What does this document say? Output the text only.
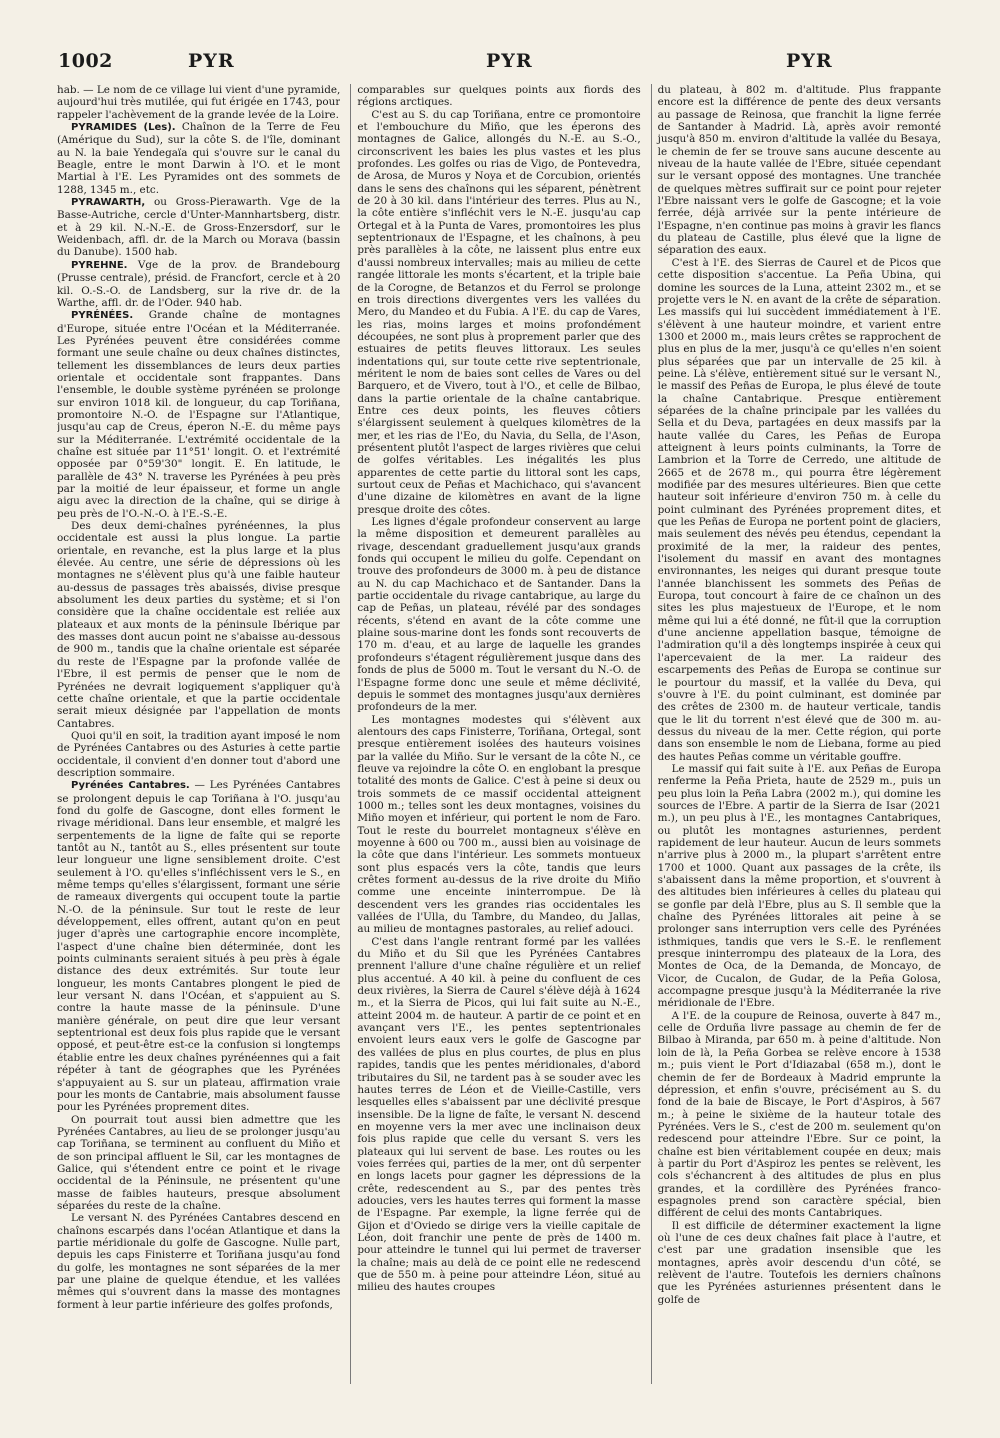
1002	PYR	PYR	PYR

hab. — Le nom de ce village lui vient d'une pyramide, aujourd'hui très mutilée, qui fut érigée en 1743, pour rappeler l'achèvement de la grande levée de la Loire.

PYRAMIDES (Les). Chaînon de la Terre de Feu (Amérique du Sud), sur la côte S. de l'île, dominant au N. la baie Yendegaïa qui s'ouvre sur le canal du Beagle, entre le mont Darwin à l'O. et le mont Martial à l'E. Les Pyramides ont des sommets de 1288, 1345 m., etc.

PYRAWARTH, ou Gross-Pierawarth. Vge de la Basse-Autriche, cercle d'Unter-Mannhartsberg, distr. et à 29 kil. N.-N.-E. de Gross-Enzersdorf, sur le Weidenbach, affl. dr. de la March ou Morava (bassin du Danube). 1500 hab.

PYREHNE. Vge de la prov. de Brandebourg (Prusse centrale), présid. de Francfort, cercle et à 20 kil. O.-S.-O. de Landsberg, sur la rive dr. de la Warthe, affl. dr. de l'Oder. 940 hab.

PYRÉNÉES. Grande chaîne de montagnes d'Europe, située entre l'Océan et la Méditerranée. Les Pyrénées peuvent être considérées comme formant une seule chaîne ou deux chaînes distinctes, tellement les dissemblances de leurs deux parties orientale et occidentale sont frappantes. Dans l'ensemble, le double système pyrénéen se prolonge sur environ 1018 kil. de longueur, du cap Toriñana, promontoire N.-O. de l'Espagne sur l'Atlantique, jusqu'au cap de Creus, éperon N.-E. du même pays sur la Méditerranée. L'extrémité occidentale de la chaîne est située par 11°51' longit. O. et l'extrémité opposée par 0°59'30" longit. E. En latitude, le parallèle de 43° N. traverse les Pyrénées à peu près par la moitié de leur épaisseur, et forme un angle aigu avec la direction de la chaîne, qui se dirige à peu près de l'O.-N.-O. à l'E.-S.-E.

Des deux demi-chaînes pyrénéennes, la plus occidentale est aussi la plus longue. La partie orientale, en revanche, est la plus large et la plus élevée. Au centre, une série de dépressions où les montagnes ne s'élèvent plus qu'à une faible hauteur au-dessus de passages très abaissés, divise presque absolument les deux parties du système; et si l'on considère que la chaîne occidentale est reliée aux plateaux et aux monts de la péninsule Ibérique par des masses dont aucun point ne s'abaisse au-dessous de 900 m., tandis que la chaîne orientale est séparée du reste de l'Espagne par la profonde vallée de l'Ebre, il est permis de penser que le nom de Pyrénées ne devrait logiquement s'appliquer qu'à cette chaîne orientale, et que la partie occidentale serait mieux désignée par l'appellation de monts Cantabres.

Quoi qu'il en soit, la tradition ayant imposé le nom de Pyrénées Cantabres ou des Asturies à cette partie occidentale, il convient d'en donner tout d'abord une description sommaire.

Pyrénées Cantabres. — Les Pyrénées Cantabres se prolongent depuis le cap Toriñana à l'O. jusqu'au fond du golfe de Gascogne, dont elles forment le rivage méridional. Dans leur ensemble, et malgré les serpentements de la ligne de faîte qui se reporte tantôt au N., tantôt au S., elles présentent sur toute leur longueur une ligne sensiblement droite. C'est seulement à l'O. qu'elles s'infléchissent vers le S., en même temps qu'elles s'élargissent, formant une série de rameaux divergents qui occupent toute la partie N.-O. de la péninsule. Sur tout le reste de leur développement, elles offrent, autant qu'on en peut juger d'après une cartographie encore incomplète, l'aspect d'une chaîne bien déterminée, dont les points culminants seraient situés à peu près à égale distance des deux extrémités. Sur toute leur longueur, les monts Cantabres plongent le pied de leur versant N. dans l'Océan, et s'appuient au S. contre la haute masse de la péninsule. D'une manière générale, on peut dire que leur versant septentrional est deux fois plus rapide que le versant opposé, et peut-être est-ce la confusion si longtemps établie entre les deux chaînes pyrénéennes qui a fait répéter à tant de géographes que les Pyrénées s'appuyaient au S. sur un plateau, affirmation vraie pour les monts de Cantabrie, mais absolument fausse pour les Pyrénées proprement dites.

On pourrait tout aussi bien admettre que les Pyrénées Cantabres, au lieu de se prolonger jusqu'au cap Toriñana, se terminent au confluent du Miño et de son principal affluent le Sil, car les montagnes de Galice, qui s'étendent entre ce point et le rivage occidental de la Péninsule, ne présentent qu'une masse de faibles hauteurs, presque absolument séparées du reste de la chaîne.

Le versant N. des Pyrénées Cantabres descend en chaînons escarpés dans l'océan Atlantique et dans la partie méridionale du golfe de Gascogne. Nulle part, depuis les caps Finisterre et Toriñana jusqu'au fond du golfe, les montagnes ne sont séparées de la mer par une plaine de quelque étendue, et les vallées mêmes qui s'ouvrent dans la masse des montagnes forment à leur partie inférieure des golfes profonds,

comparables sur quelques points aux fiords des régions arctiques.

C'est au S. du cap Toriñana, entre ce promontoire et l'embouchure du Miño, que les éperons des montagnes de Galice, allongés du N.-E. au S.-O., circonscrivent les baies les plus vastes et les plus profondes. Les golfes ou rias de Vigo, de Pontevedra, de Arosa, de Muros y Noya et de Corcubion, orientés dans le sens des chaînons qui les séparent, pénètrent de 20 à 30 kil. dans l'intérieur des terres. Plus au N., la côte entière s'infléchit vers le N.-E. jusqu'au cap Ortegal et à la Punta de Vares, promontoires les plus septentrionaux de l'Espagne, et les chaînons, à peu près parallèles à la côte, ne laissent plus entre eux d'aussi nombreux intervalles; mais au milieu de cette rangée littorale les monts s'écartent, et la triple baie de la Corogne, de Betanzos et du Ferrol se prolonge en trois directions divergentes vers les vallées du Mero, du Mandeo et du Fubia. A l'E. du cap de Vares, les rias, moins larges et moins profondément découpées, ne sont plus à proprement parler que des estuaires de petits fleuves littoraux. Les seules indentations qui, sur toute cette rive septentrionale, méritent le nom de baies sont celles de Vares ou del Barquero, et de Vivero, tout à l'O., et celle de Bilbao, dans la partie orientale de la chaîne cantabrique. Entre ces deux points, les fleuves côtiers s'élargissent seulement à quelques kilomètres de la mer, et les rias de l'Eo, du Navia, du Sella, de l'Ason, présentent plutôt l'aspect de larges rivières que celui de golfes véritables. Les inégalités les plus apparentes de cette partie du littoral sont les caps, surtout ceux de Peñas et Machichaco, qui s'avancent d'une dizaine de kilomètres en avant de la ligne presque droite des côtes.

Les lignes d'égale profondeur conservent au large la même disposition et demeurent parallèles au rivage, descendant graduellement jusqu'aux grands fonds qui occupent le milieu du golfe. Cependant on trouve des profondeurs de 3000 m. à peu de distance au N. du cap Machichaco et de Santander. Dans la partie occidentale du rivage cantabrique, au large du cap de Peñas, un plateau, révélé par des sondages récents, s'étend en avant de la côte comme une plaine sous-marine dont les fonds sont recouverts de 170 m. d'eau, et au large de laquelle les grandes profondeurs s'étagent régulièrement jusque dans des fonds de plus de 5000 m. Tout le versant du N.-O. de l'Espagne forme donc une seule et même déclivité, depuis le sommet des montagnes jusqu'aux dernières profondeurs de la mer.

Les montagnes modestes qui s'élèvent aux alentours des caps Finisterre, Toriñana, Ortegal, sont presque entièrement isolées des hauteurs voisines par la vallée du Miño. Sur le versant de la côte N., ce fleuve va rejoindre la côte O. en englobant la presque totalité des monts de Galice. C'est à peine si deux ou trois sommets de ce massif occidental atteignent 1000 m.; telles sont les deux montagnes, voisines du Miño moyen et inférieur, qui portent le nom de Faro. Tout le reste du bourrelet montagneux s'élève en moyenne à 600 ou 700 m., aussi bien au voisinage de la côte que dans l'intérieur. Les sommets montueux sont plus espacés vers la côte, tandis que leurs crêtes forment au-dessus de la rive droite du Miño comme une enceinte ininterrompue. De là descendent vers les grandes rias occidentales les vallées de l'Ulla, du Tambre, du Mandeo, du Jallas, au milieu de montagnes pastorales, au relief adouci.

C'est dans l'angle rentrant formé par les vallées du Miño et du Sil que les Pyrénées Cantabres prennent l'allure d'une chaîne régulière et un relief plus accentué. A 40 kil. à peine du confluent de ces deux rivières, la Sierra de Caurel s'élève déjà à 1624 m., et la Sierra de Picos, qui lui fait suite au N.-E., atteint 2004 m. de hauteur. A partir de ce point et en avançant vers l'E., les pentes septentrionales envoient leurs eaux vers le golfe de Gascogne par des vallées de plus en plus courtes, de plus en plus rapides, tandis que les pentes méridionales, d'abord tributaires du Sil, ne tardent pas à se souder avec les hautes terres de Léon et de Vieille-Castille, vers lesquelles elles s'abaissent par une déclivité presque insensible. De la ligne de faîte, le versant N. descend en moyenne vers la mer avec une inclinaison deux fois plus rapide que celle du versant S. vers les plateaux qui lui servent de base. Les routes ou les voies ferrées qui, parties de la mer, ont dû serpenter en longs lacets pour gagner les dépressions de la crête, redescendent au S., par des pentes très adoucies, vers les hautes terres qui forment la masse de l'Espagne. Par exemple, la ligne ferrée qui de Gijon et d'Oviedo se dirige vers la vieille capitale de Léon, doit franchir une pente de près de 1400 m. pour atteindre le tunnel qui lui permet de traverser la chaîne; mais au delà de ce point elle ne redescend que de 550 m. à peine pour atteindre Léon, situé au milieu des hautes croupes

du plateau, à 802 m. d'altitude. Plus frappante encore est la différence de pente des deux versants au passage de Reinosa, que franchit la ligne ferrée de Santander à Madrid. Là, après avoir remonté jusqu'à 850 m. environ d'altitude la vallée du Besaya, le chemin de fer se trouve sans aucune descente au niveau de la haute vallée de l'Ebre, située cependant sur le versant opposé des montagnes. Une tranchée de quelques mètres suffirait sur ce point pour rejeter l'Ebre naissant vers le golfe de Gascogne; et la voie ferrée, déjà arrivée sur la pente intérieure de l'Espagne, n'en continue pas moins à gravir les flancs du plateau de Castille, plus élevé que la ligne de séparation des eaux.

C'est à l'E. des Sierras de Caurel et de Picos que cette disposition s'accentue. La Peña Ubina, qui domine les sources de la Luna, atteint 2302 m., et se projette vers le N. en avant de la crête de séparation. Les massifs qui lui succèdent immédiatement à l'E. s'élèvent à une hauteur moindre, et varient entre 1300 et 2000 m., mais leurs crêtes se rapprochent de plus en plus de la mer, jusqu'à ce qu'elles n'en soient plus séparées que par un intervalle de 25 kil. à peine. Là s'élève, entièrement situé sur le versant N., le massif des Peñas de Europa, le plus élevé de toute la chaîne Cantabrique. Presque entièrement séparées de la chaîne principale par les vallées du Sella et du Deva, partagées en deux massifs par la haute vallée du Cares, les Peñas de Europa atteignent à leurs points culminants, la Torre de Lambrion et la Torre de Cerredo, une altitude de 2665 et de 2678 m., qui pourra être légèrement modifiée par des mesures ultérieures. Bien que cette hauteur soit inférieure d'environ 750 m. à celle du point culminant des Pyrénées proprement dites, et que les Peñas de Europa ne portent point de glaciers, mais seulement des névés peu étendus, cependant la proximité de la mer, la raideur des pentes, l'isolement du massif en avant des montagnes environnantes, les neiges qui durant presque toute l'année blanchissent les sommets des Peñas de Europa, tout concourt à faire de ce chaînon un des sites les plus majestueux de l'Europe, et le nom même qui lui a été donné, ne fût-il que la corruption d'une ancienne appellation basque, témoigne de l'admiration qu'il a dès longtemps inspirée à ceux qui l'apercevaient de la mer. La raideur des escarpements des Peñas de Europa se continue sur le pourtour du massif, et la vallée du Deva, qui s'ouvre à l'E. du point culminant, est dominée par des crêtes de 2300 m. de hauteur verticale, tandis que le lit du torrent n'est élevé que de 300 m. au-dessus du niveau de la mer. Cette région, qui porte dans son ensemble le nom de Liebana, forme au pied des hautes Peñas comme un véritable gouffre.

Le massif qui fait suite à l'E. aux Peñas de Europa renferme la Peña Prieta, haute de 2529 m., puis un peu plus loin la Peña Labra (2002 m.), qui domine les sources de l'Ebre. A partir de la Sierra de Isar (2021 m.), un peu plus à l'E., les montagnes Cantabriques, ou plutôt les montagnes asturiennes, perdent rapidement de leur hauteur. Aucun de leurs sommets n'arrive plus à 2000 m., la plupart s'arrêtent entre 1700 et 1000. Quant aux passages de la crête, ils s'abaissent dans la même proportion, et s'ouvrent à des altitudes bien inférieures à celles du plateau qui se gonfle par delà l'Ebre, plus au S. Il semble que la chaîne des Pyrénées littorales ait peine à se prolonger sans interruption vers celle des Pyrénées isthmiques, tandis que vers le S.-E. le renflement presque ininterrompu des plateaux de la Lora, des Montes de Oca, de la Demanda, de Moncayo, de Vicor, de Cucalon, de Gudar, de la Peña Golosa, accompagne presque jusqu'à la Méditerranée la rive méridionale de l'Ebre.

A l'E. de la coupure de Reinosa, ouverte à 847 m., celle de Orduña livre passage au chemin de fer de Bilbao à Miranda, par 650 m. à peine d'altitude. Non loin de là, la Peña Gorbea se relève encore à 1538 m.; puis vient le Port d'Idiazabal (658 m.), dont le chemin de fer de Bordeaux à Madrid emprunte la dépression, et enfin s'ouvre, précisément au S. du fond de la baie de Biscaye, le Port d'Aspiros, à 567 m.; à peine le sixième de la hauteur totale des Pyrénées. Vers le S., c'est de 200 m. seulement qu'on redescend pour atteindre l'Ebre. Sur ce point, la chaîne est bien véritablement coupée en deux; mais à partir du Port d'Aspiroz les pentes se relèvent, les cols s'échancrent à des altitudes de plus en plus grandes, et la cordillère des Pyrénées franco-espagnoles prend son caractère spécial, bien différent de celui des monts Cantabriques.

Il est difficile de déterminer exactement la ligne où l'une de ces deux chaînes fait place à l'autre, et c'est par une gradation insensible que les montagnes, après avoir descendu d'un côté, se relèvent de l'autre. Toutefois les derniers chaînons que les Pyrénées asturiennes présentent dans le golfe de
